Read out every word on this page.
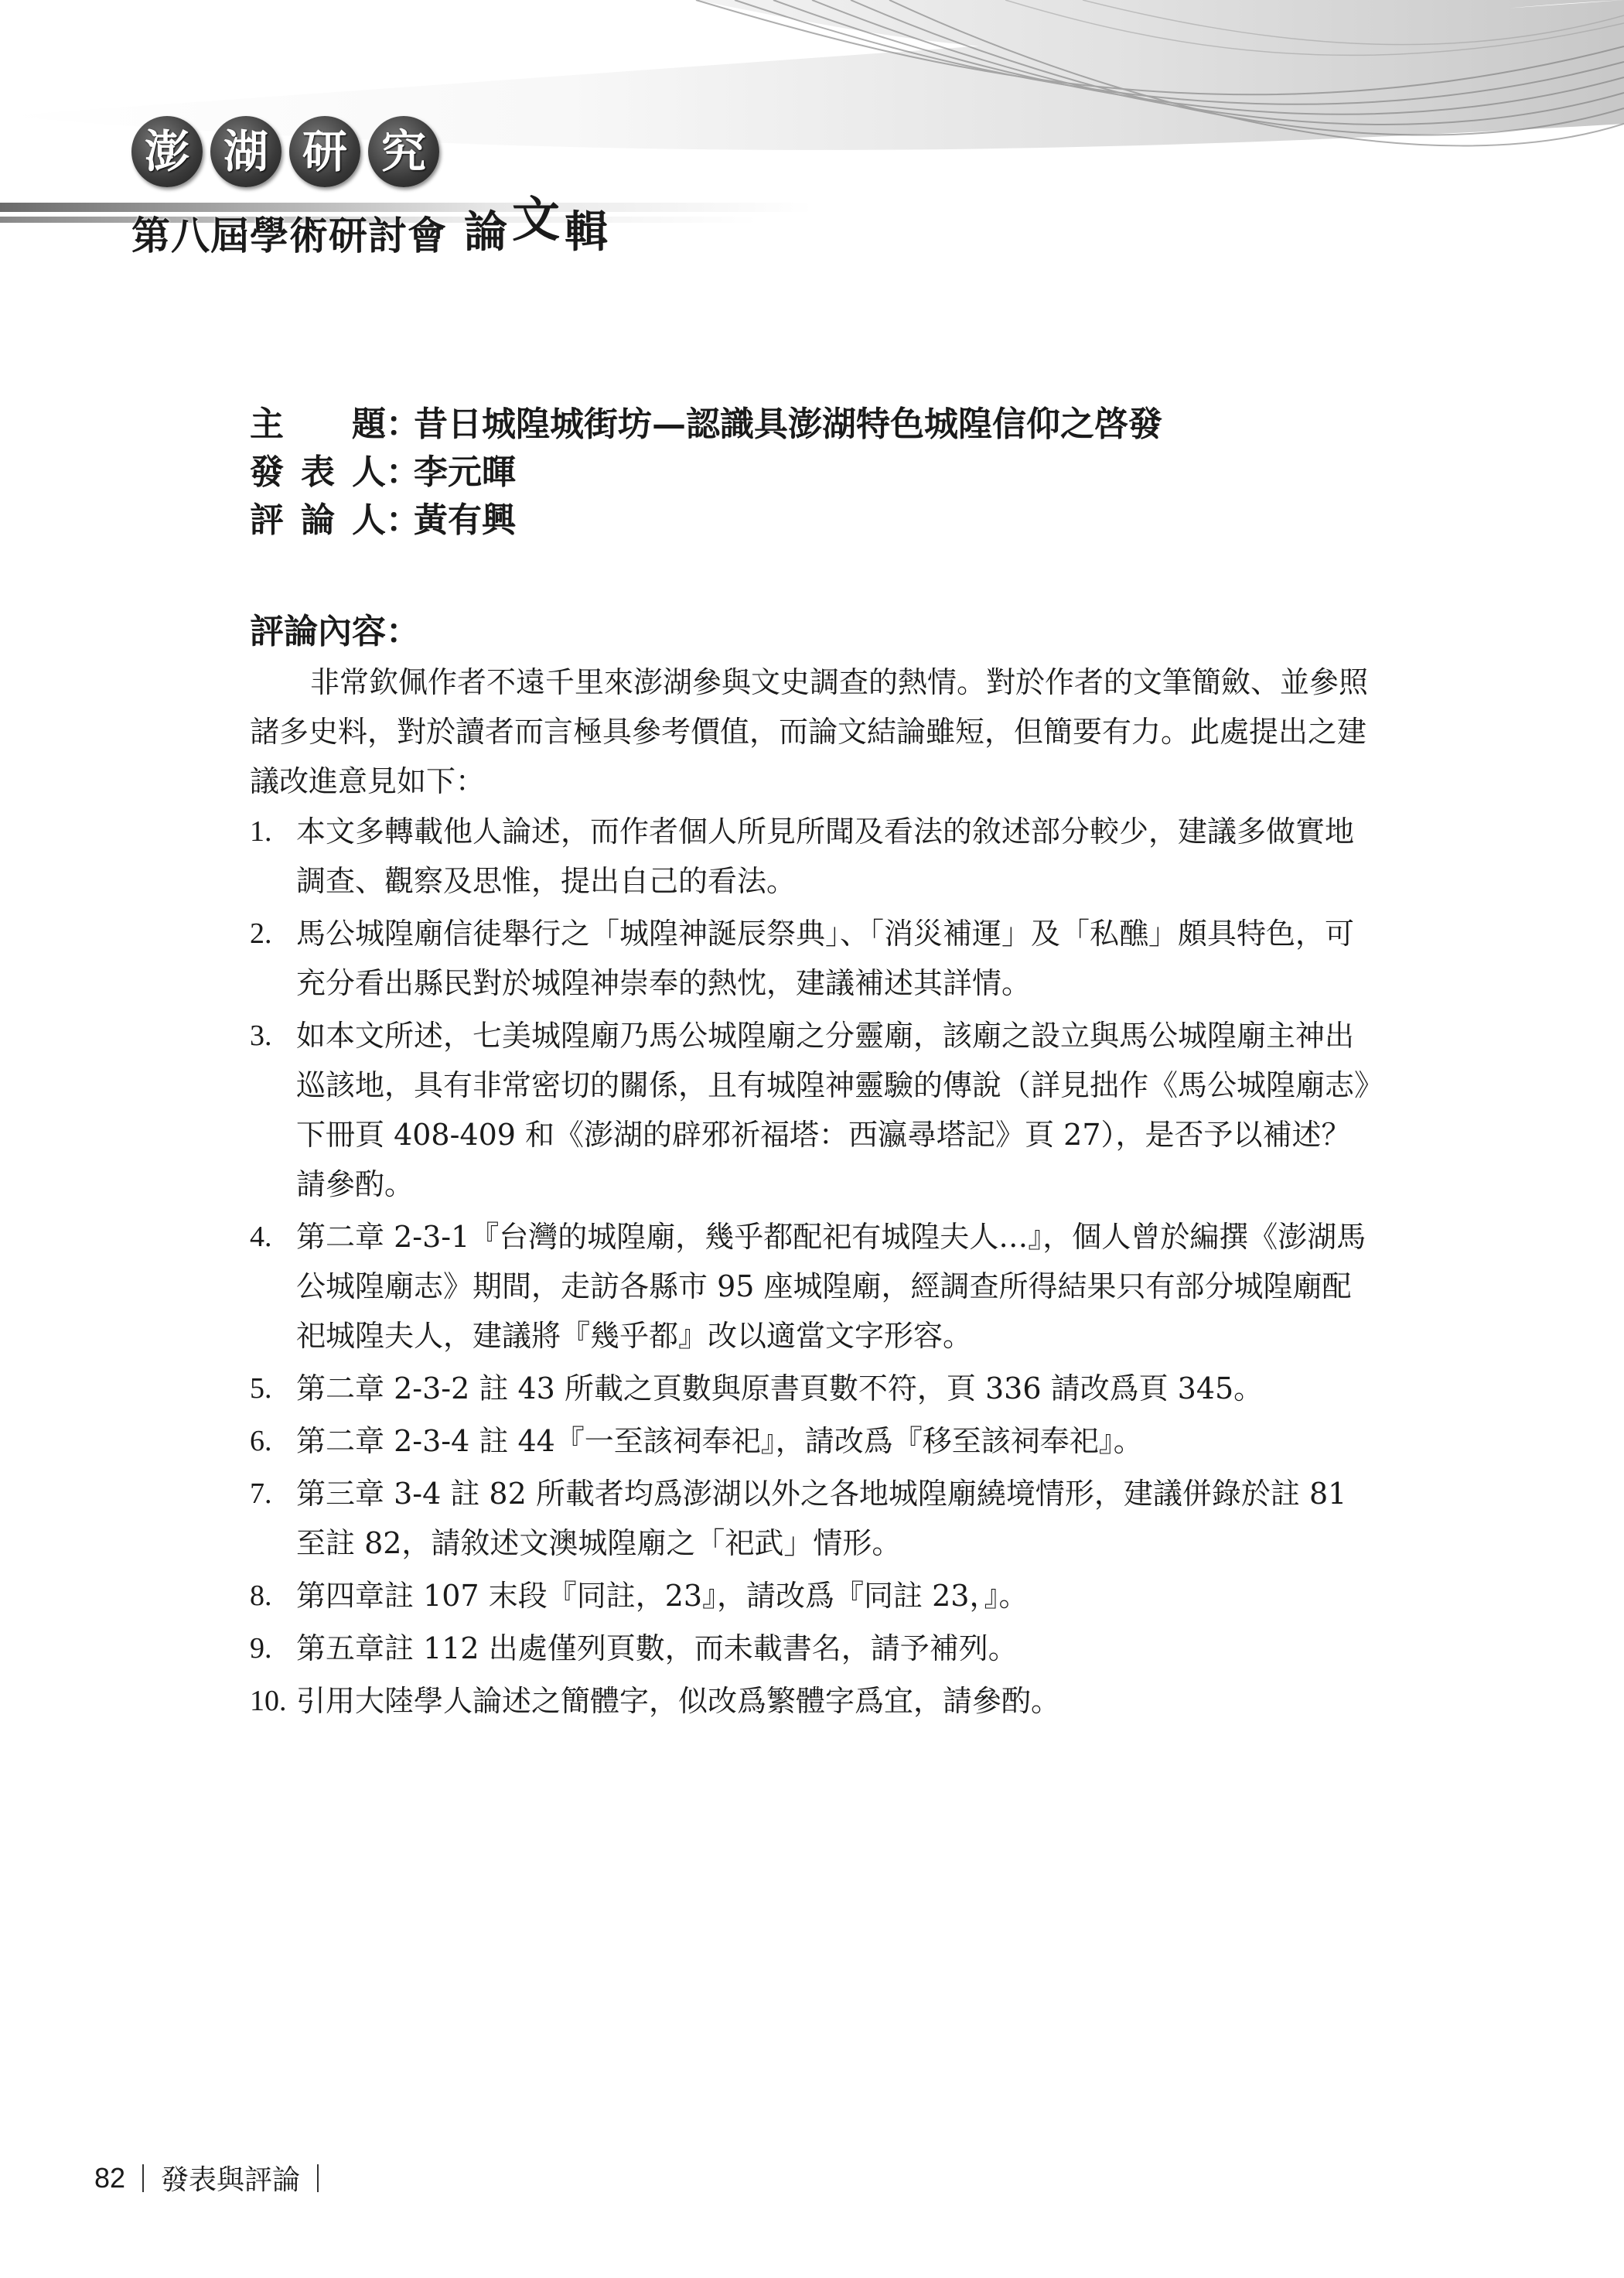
澎 湖 研 究
第八屆學術研討會 論文輯
主　題 ：
昔日城隍城街坊—認識具澎湖特色城隍信仰之啓發
發表人 ：
李元暉
評論人 ：
黃有興
評論內容：

非常欽佩作者不遠千里來澎湖參與文史調查的熱情。對於作者的文筆簡斂、並參照諸多史料，對於讀者而言極具參考價值，而論文結論雖短，但簡要有力。此處提出之建議改進意見如下：

1. 本文多轉載他人論述，而作者個人所見所聞及看法的敘述部分較少，建議多做實地調查、觀察及思惟，提出自己的看法。
2. 馬公城隍廟信徒舉行之「城隍神誕辰祭典」、「消災補運」及「私醮」頗具特色，可充分看出縣民對於城隍神崇奉的熱忱，建議補述其詳情。
3. 如本文所述，七美城隍廟乃馬公城隍廟之分靈廟，該廟之設立與馬公城隍廟主神出巡該地，具有非常密切的關係，且有城隍神靈驗的傳說（詳見拙作《馬公城隍廟志》下冊頁 408-409 和《澎湖的辟邪祈福塔：西瀛尋塔記》頁 27），是否予以補述？請參酌。
4. 第二章 2-3-1『台灣的城隍廟，幾乎都配祀有城隍夫人…』，個人曾於編撰《澎湖馬公城隍廟志》期間，走訪各縣市 95 座城隍廟，經調查所得結果只有部分城隍廟配祀城隍夫人，建議將『幾乎都』改以適當文字形容。
5. 第二章 2-3-2 註 43 所載之頁數與原書頁數不符，頁 336 請改爲頁 345。
6. 第二章 2-3-4 註 44『一至該祠奉祀』，請改爲『移至該祠奉祀』。
7. 第三章 3-4 註 82 所載者均爲澎湖以外之各地城隍廟繞境情形，建議併錄於註 81 至註 82，請敘述文澳城隍廟之「祀武」情形。
8. 第四章註 107 末段『同註，23』，請改爲『同註 23，』。
9. 第五章註 112 出處僅列頁數，而未載書名，請予補列。
10. 引用大陸學人論述之簡體字，似改爲繁體字爲宜，請參酌。
82 發表與評論
